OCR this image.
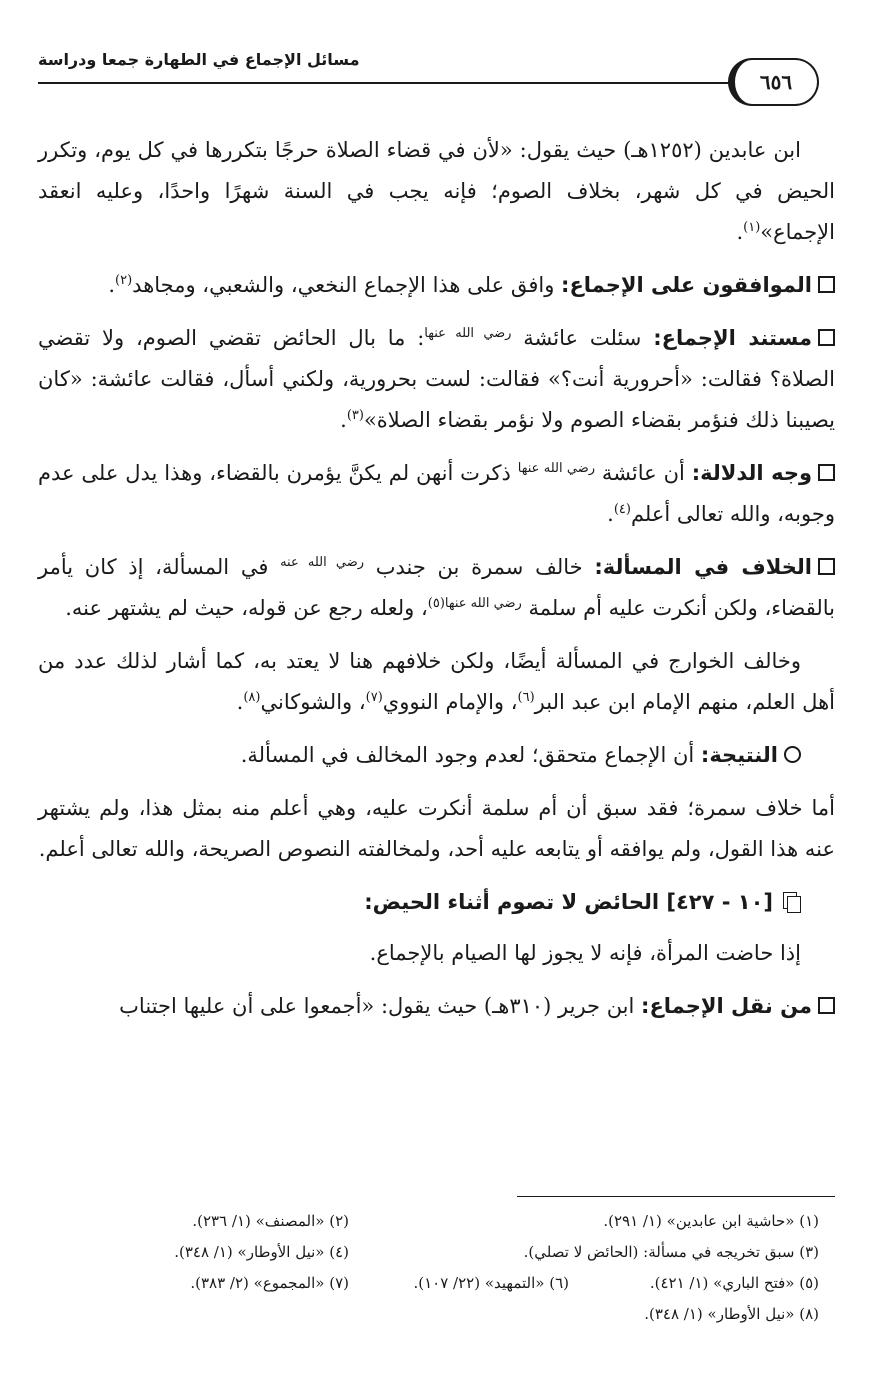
مسائل الإجماع في الطهارة جمعا ودراسة
٦٥٦

ابن عابدين (١٢٥٢هـ) حيث يقول: «لأن في قضاء الصلاة حرجًا بتكررها في كل يوم، وتكرر الحيض في كل شهر، بخلاف الصوم؛ فإنه يجب في السنة شهرًا واحدًا، وعليه انعقد الإجماع»$^{(١)}$.

الموافقون على الإجماع: وافق على هذا الإجماع النخعي، والشعبي، ومجاهد$^{(٢)}$.

مستند الإجماع: سئلت عائشة $^{رضي الله عنها}$: ما بال الحائض تقضي الصوم، ولا تقضي الصلاة؟ فقالت: «أحرورية أنت؟» فقالت: لست بحرورية، ولكني أسأل، فقالت عائشة: «كان يصيبنا ذلك فنؤمر بقضاء الصوم ولا نؤمر بقضاء الصلاة»$^{(٣)}$.

وجه الدلالة: أن عائشة $^{رضي الله عنها}$ ذكرت أنهن لم يكنَّ يؤمرن بالقضاء، وهذا يدل على عدم وجوبه، والله تعالى أعلم$^{(٤)}$.

الخلاف في المسألة: خالف سمرة بن جندب $^{رضي الله عنه}$ في المسألة، إذ كان يأمر بالقضاء، ولكن أنكرت عليه أم سلمة $^{رضي الله عنها(٥)}$، ولعله رجع عن قوله، حيث لم يشتهر عنه.

وخالف الخوارج في المسألة أيضًا، ولكن خلافهم هنا لا يعتد به، كما أشار لذلك عدد من أهل العلم، منهم الإمام ابن عبد البر$^{(٦)}$، والإمام النووي$^{(٧)}$، والشوكاني$^{(٨)}$.

النتيجة: أن الإجماع متحقق؛ لعدم وجود المخالف في المسألة.

أما خلاف سمرة؛ فقد سبق أن أم سلمة أنكرت عليه، وهي أعلم منه بمثل هذا، ولم يشتهر عنه هذا القول، ولم يوافقه أو يتابعه عليه أحد، ولمخالفته النصوص الصريحة، والله تعالى أعلم.

[١٠ - ٤٢٧] الحائض لا تصوم أثناء الحيض:

إذا حاضت المرأة، فإنه لا يجوز لها الصيام بالإجماع.

من نقل الإجماع: ابن جرير (٣١٠هـ) حيث يقول: «أجمعوا على أن عليها اجتناب

(١) «حاشية ابن عابدين» (١/ ٢٩١).
(٢) «المصنف» (١/ ٢٣٦).
(٣) سبق تخريجه في مسألة: (الحائض لا تصلي).
(٤) «نيل الأوطار» (١/ ٣٤٨).
(٥) «فتح الباري» (١/ ٤٢١).
(٦) «التمهيد» (٢٢/ ١٠٧).
(٧) «المجموع» (٢/ ٣٨٣).
(٨) «نيل الأوطار» (١/ ٣٤٨).
